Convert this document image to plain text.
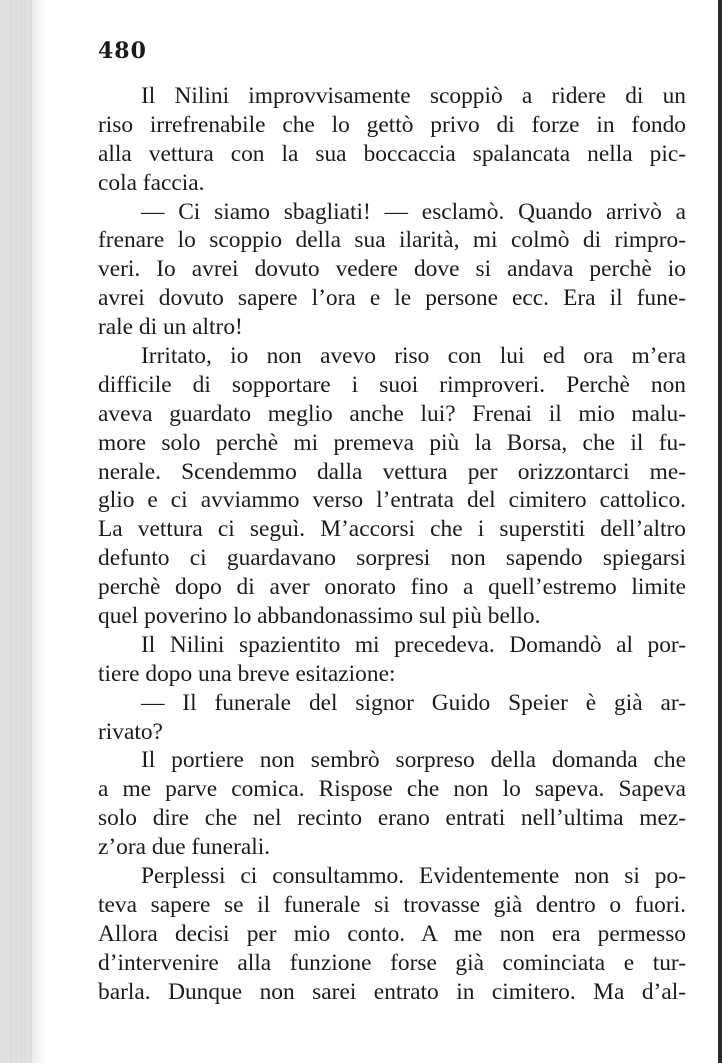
480
Il Nilini improvvisamente scoppiò a ridere di un
riso irrefrenabile che lo gettò privo di forze in fondo
alla vettura con la sua boccaccia spalancata nella pic-
cola faccia.
— Ci siamo sbagliati! — esclamò. Quando arrivò a
frenare lo scoppio della sua ilarità, mi colmò di rimpro-
veri. Io avrei dovuto vedere dove si andava perchè io
avrei dovuto sapere l’ora e le persone ecc. Era il fune-
rale di un altro!
Irritato, io non avevo riso con lui ed ora m’era
difficile di sopportare i suoi rimproveri. Perchè non
aveva guardato meglio anche lui? Frenai il mio malu-
more solo perchè mi premeva più la Borsa, che il fu-
nerale. Scendemmo dalla vettura per orizzontarci me-
glio e ci avviammo verso l’entrata del cimitero cattolico.
La vettura ci seguì. M’accorsi che i superstiti dell’altro
defunto ci guardavano sorpresi non sapendo spiegarsi
perchè dopo di aver onorato fino a quell’estremo limite
quel poverino lo abbandonassimo sul più bello.
Il Nilini spazientito mi precedeva. Domandò al por-
tiere dopo una breve esitazione:
— Il funerale del signor Guido Speier è già ar-
rivato?
Il portiere non sembrò sorpreso della domanda che
a me parve comica. Rispose che non lo sapeva. Sapeva
solo dire che nel recinto erano entrati nell’ultima mez-
z’ora due funerali.
Perplessi ci consultammo. Evidentemente non si po-
teva sapere se il funerale si trovasse già dentro o fuori.
Allora decisi per mio conto. A me non era permesso
d’intervenire alla funzione forse già cominciata e tur-
barla. Dunque non sarei entrato in cimitero. Ma d’al-
